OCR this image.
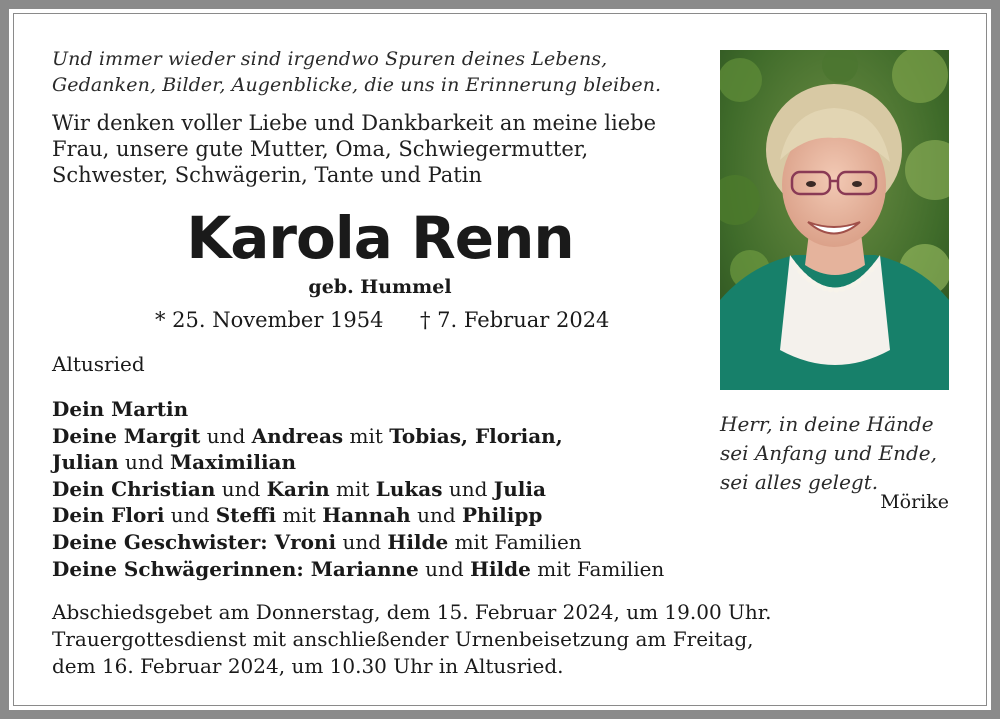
Und immer wieder sind irgendwo Spuren deines Lebens,
Gedanken, Bilder, Augenblicke, die uns in Erinnerung bleiben.
Wir denken voller Liebe und Dankbarkeit an meine liebe
Frau, unsere gute Mutter, Oma, Schwiegermutter,
Schwester, Schwägerin, Tante und Patin
Karola Renn
geb. Hummel
* 25. November 1954 † 7. Februar 2024
Altusried
Dein Martin
Deine Margit und Andreas mit Tobias, Florian,
Julian und Maximilian
Dein Christian und Karin mit Lukas und Julia
Dein Flori und Steffi mit Hannah und Philipp
Deine Geschwister: Vroni und Hilde mit Familien
Deine Schwägerinnen: Marianne und Hilde mit Familien
Herr, in deine Hände
sei Anfang und Ende,
sei alles gelegt.
Mörike
Abschiedsgebet am Donnerstag, dem 15. Februar 2024, um 19.00 Uhr.
Trauergottesdienst mit anschließender Urnenbeisetzung am Freitag,
dem 16. Februar 2024, um 10.30 Uhr in Altusried.
